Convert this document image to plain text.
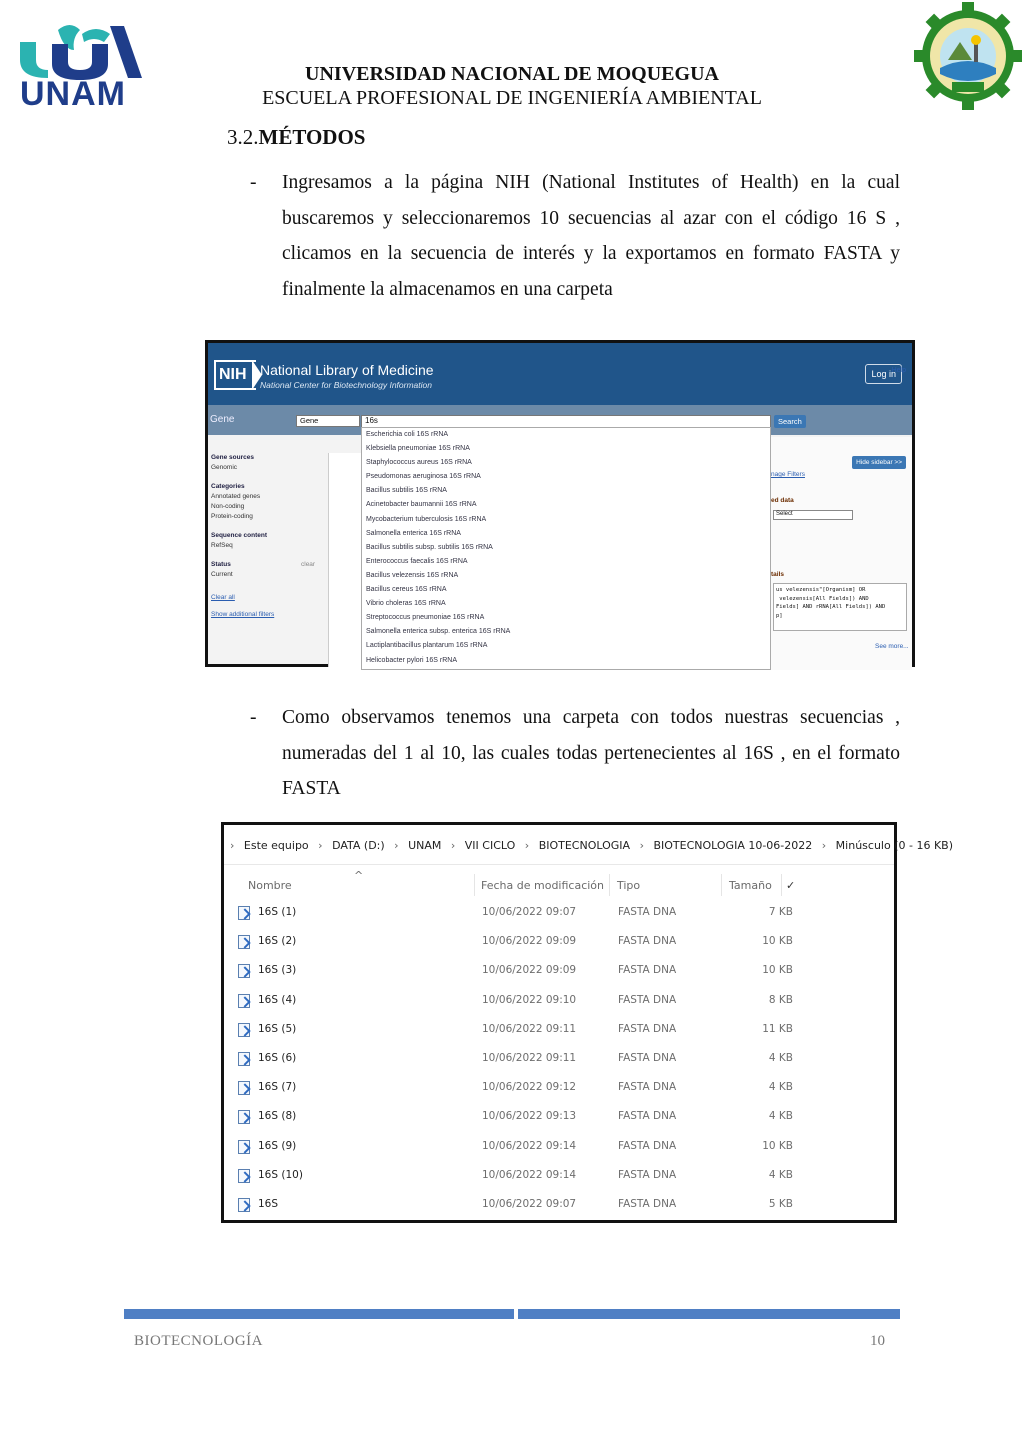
UNAM
UNIVERSIDAD NACIONAL DE MOQUEGUA
ESCUELA PROFESIONAL DE INGENIERÍA AMBIENTAL
3.2.MÉTODOS
- Ingresamos a la página NIH (National Institutes of Health) en la cual buscaremos y seleccionaremos 10 secuencias al azar con el código 16 S , clicamos en la secuencia de interés y la exportamos en formato FASTA y finalmente la almacenamos en una carpeta
NIH National Library of Medicine
National Center for Biotechnology Information
Log in
Gene	Gene	16s	Search
Help
Gene sources
Genomic
Categories
Annotated genes
Non-coding
Protein-coding
Sequence content
RefSeq
Status	clear
Current
Clear all
Show additional filters
Escherichia coli 16S rRNA
Klebsiella pneumoniae 16S rRNA
Staphylococcus aureus 16S rRNA
Pseudomonas aeruginosa 16S rRNA
Bacillus subtilis 16S rRNA
Acinetobacter baumannii 16S rRNA
Mycobacterium tuberculosis 16S rRNA
Salmonella enterica 16S rRNA
Bacillus subtilis subsp. subtilis 16S rRNA
Enterococcus faecalis 16S rRNA
Bacillus velezensis 16S rRNA
Bacillus cereus 16S rRNA
Vibrio choleras 16S rRNA
Streptococcus pneumoniae 16S rRNA
Salmonella enterica subsp. enterica 16S rRNA
Lactiplantibacillus plantarum 16S rRNA
Helicobacter pylori 16S rRNA
Hide sidebar >>
nage Filters
ed data
Select
tails
us velezensis"[Organism] OR
velezensis[All Fields]) AND
Fields] AND rRNA[All Fields]) AND
p]
See more...
- Como observamos tenemos una carpeta con todos nuestras secuencias , numeradas del 1 al 10, las cuales todas pertenecientes al 16S , en el formato FASTA
› Este equipo › DATA (D:) › UNAM › VII CICLO › BIOTECNOLOGIA › BIOTECNOLOGIA 10-06-2022 › Minúsculo (0 - 16 KB)
Nombre
^
Fecha de modificación Tipo	Tamaño ✓
16S (1)	10/06/2022 09:07	FASTA DNA	7 KB
16S (2)	10/06/2022 09:09	FASTA DNA	10 KB
16S (3)	10/06/2022 09:09	FASTA DNA	10 KB
16S (4)	10/06/2022 09:10	FASTA DNA	8 KB
16S (5)	10/06/2022 09:11	FASTA DNA	11 KB
16S (6)	10/06/2022 09:11	FASTA DNA	4 KB
16S (7)	10/06/2022 09:12	FASTA DNA	4 KB
16S (8)	10/06/2022 09:13	FASTA DNA	4 KB
16S (9)	10/06/2022 09:14	FASTA DNA	10 KB
16S (10)	10/06/2022 09:14	FASTA DNA	4 KB
16S	10/06/2022 09:07	FASTA DNA	5 KB
BIOTECNOLOGÍA	10
